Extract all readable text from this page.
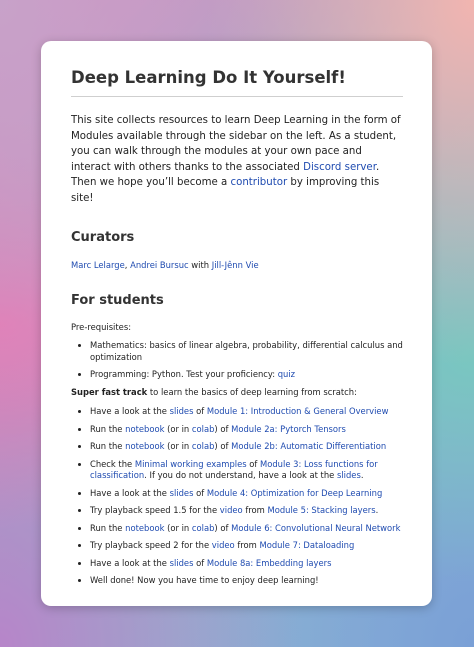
Deep Learning Do It Yourself!

This site collects resources to learn Deep Learning in the form of Modules available through the sidebar on the left. As a student, you can walk through the modules at your own pace and interact with others thanks to the associated Discord server. Then we hope you’ll become a contributor by improving this site!

Curators

Marc Lelarge, Andrei Bursuc with Jill-Jênn Vie

For students

Pre-requisites:

• Mathematics: basics of linear algebra, probability, differential calculus and optimization
• Programming: Python. Test your proficiency: quiz

Super fast track to learn the basics of deep learning from scratch:

• Have a look at the slides of Module 1: Introduction & General Overview
• Run the notebook (or in colab) of Module 2a: Pytorch Tensors
• Run the notebook (or in colab) of Module 2b: Automatic Differentiation
• Check the Minimal working examples of Module 3: Loss functions for classification. If you do not understand, have a look at the slides.
• Have a look at the slides of Module 4: Optimization for Deep Learning
• Try playback speed 1.5 for the video from Module 5: Stacking layers.
• Run the notebook (or in colab) of Module 6: Convolutional Neural Network
• Try playback speed 2 for the video from Module 7: Dataloading
• Have a look at the slides of Module 8a: Embedding layers
• Well done! Now you have time to enjoy deep learning!
